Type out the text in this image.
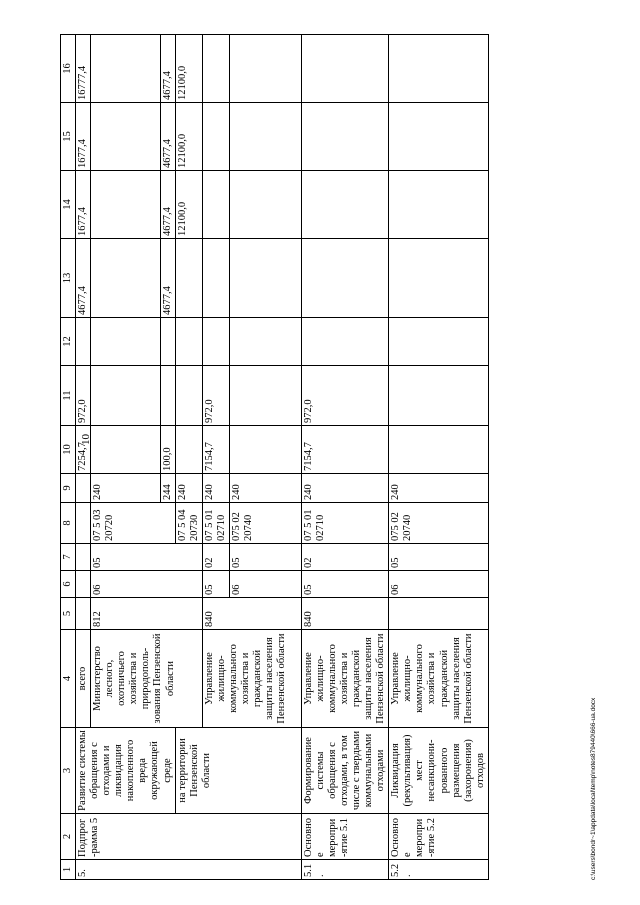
10
1	2	3	4	5	6	7	8	9	10	11	12	13	14	15	16
5.	Подпрог-рамма 5	Развитие системы обращения с отходами и ликвидация накопленного вреда окружающей среде	всего						7254,7	972,0		4677,4	1677,4	1677,4	16777,4
			Министерство лесного, охотничьего хозяйства и природополь-зования Пензенской области	812	06	05	07 5 03 20720	240							
								244	100,0			4677,4	4677,4	4677,4	4677,4
		на территории Пензенской области					07 5 04 20730	240					12100,0	12100,0	12100,0
			Управление жилищно-коммунального хозяйства и гражданской защиты населения Пензенской области	840	05	02	07 5 01 02710	240	7154,7	972,0					
					06	05	075 02 20740	240							
5.1.	Основное меропри-ятие 5.1	Формирование системы обращения с отходами, в том числе с твердыми коммунальными отходами	Управление жилищно-коммунального хозяйства и гражданской защиты населения Пензенской области	840	05	02	07 5 01 02710	240	7154,7	972,0					
5.2.	Основное меропри-ятие 5.2	Ликвидация (рекультивация) мест несанкциони-рованного размещения (захоронения) отходов	Управление жилищно-коммунального хозяйства и гражданской защиты населения Пензенской области		06	05	075 02 20740	240							
c:\users\bondr~1\appdata\local\temp\notes879440\666-ua.docx
